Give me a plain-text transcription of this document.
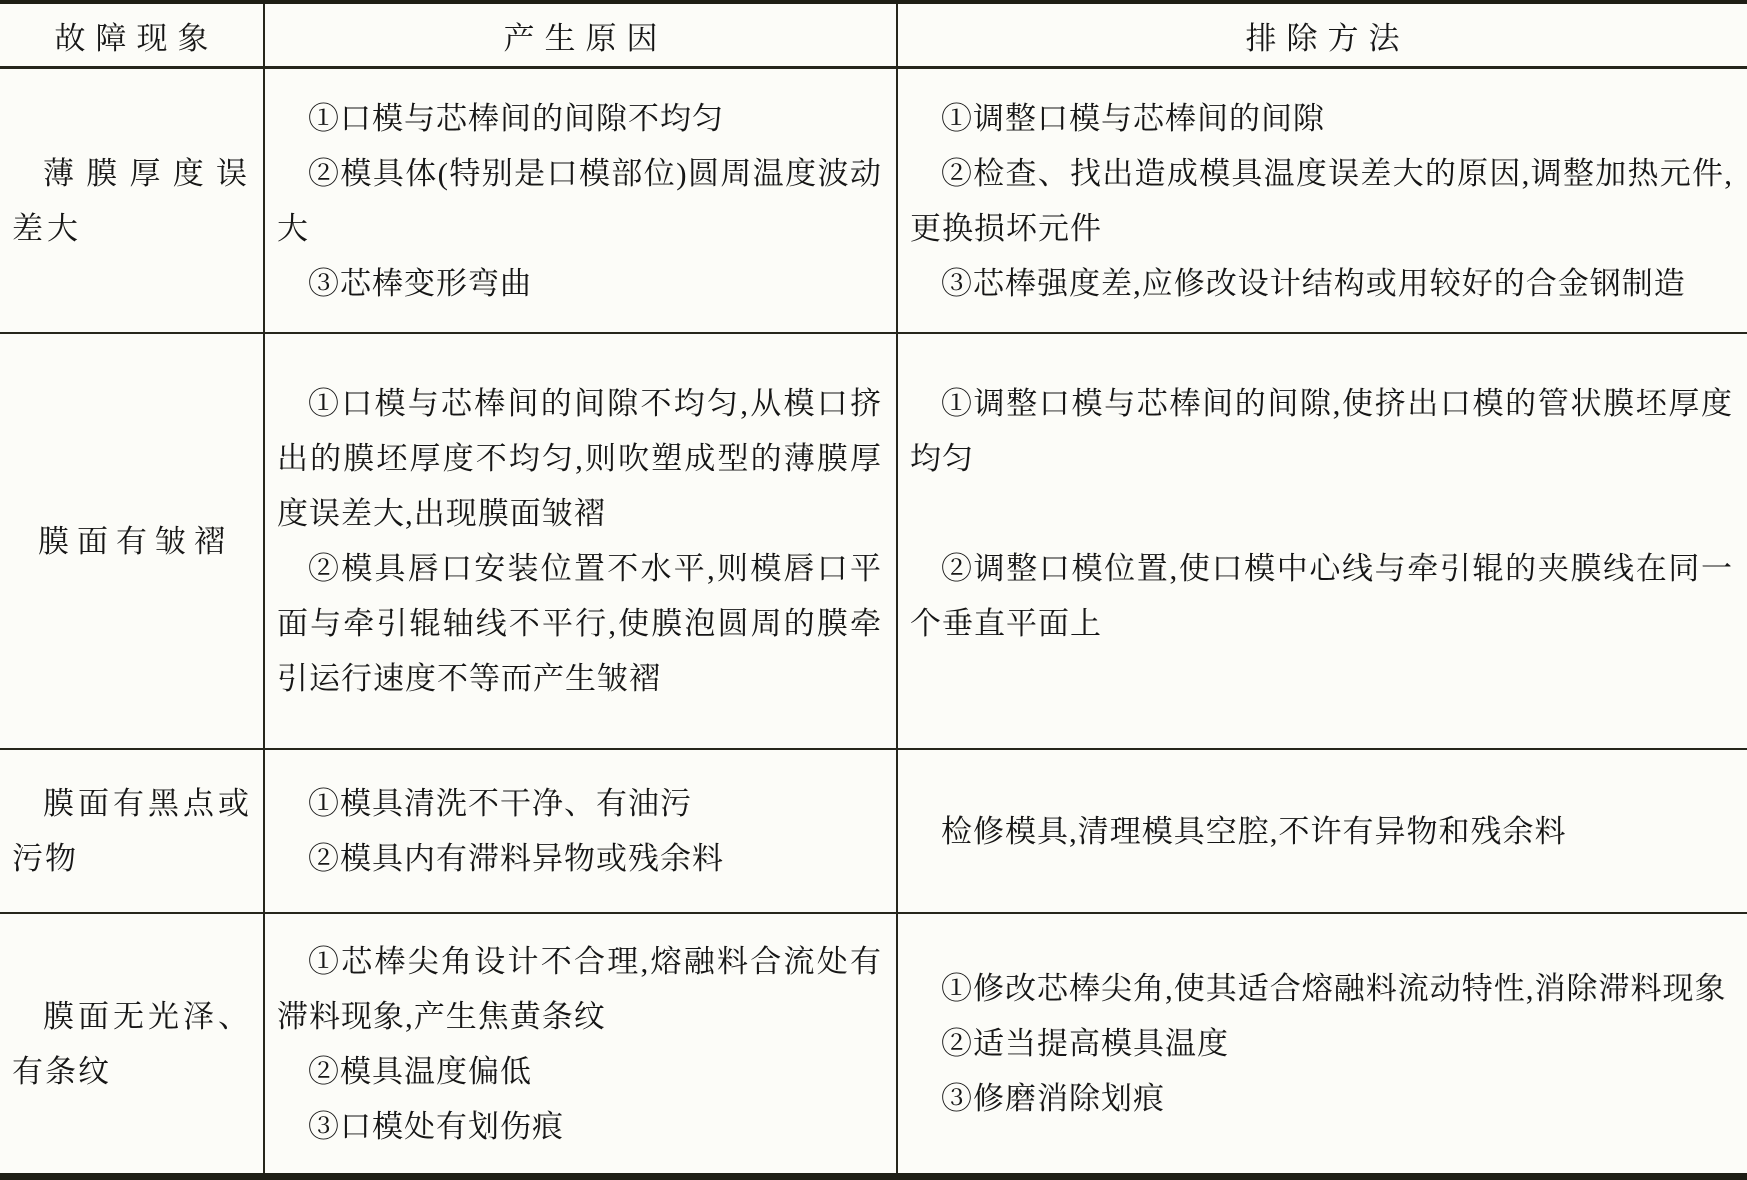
故障现象	产生原因	排除方法

薄膜厚度误差大

①口模与芯棒间的间隙不均匀

②模具体(特别是口模部位)圆周温度波动大

③芯棒变形弯曲

①调整口模与芯棒间的间隙

②检查、找出造成模具温度误差大的原因,调整加热元件,更换损坏元件

③芯棒强度差,应修改设计结构或用较好的合金钢制造

膜面有皱褶

①口模与芯棒间的间隙不均匀,从模口挤出的膜坯厚度不均匀,则吹塑成型的薄膜厚度误差大,出现膜面皱褶

②模具唇口安装位置不水平,则模唇口平面与牵引辊轴线不平行,使膜泡圆周的膜牵引运行速度不等而产生皱褶

①调整口模与芯棒间的间隙,使挤出口模的管状膜坯厚度均匀

②调整口模位置,使口模中心线与牵引辊的夹膜线在同一个垂直平面上

膜面有黑点或污物

①模具清洗不干净、有油污

②模具内有滞料异物或残余料

检修模具,清理模具空腔,不许有异物和残余料

膜面无光泽、有条纹

①芯棒尖角设计不合理,熔融料合流处有滞料现象,产生焦黄条纹

②模具温度偏低

③口模处有划伤痕

①修改芯棒尖角,使其适合熔融料流动特性,消除滞料现象

②适当提高模具温度

③修磨消除划痕
